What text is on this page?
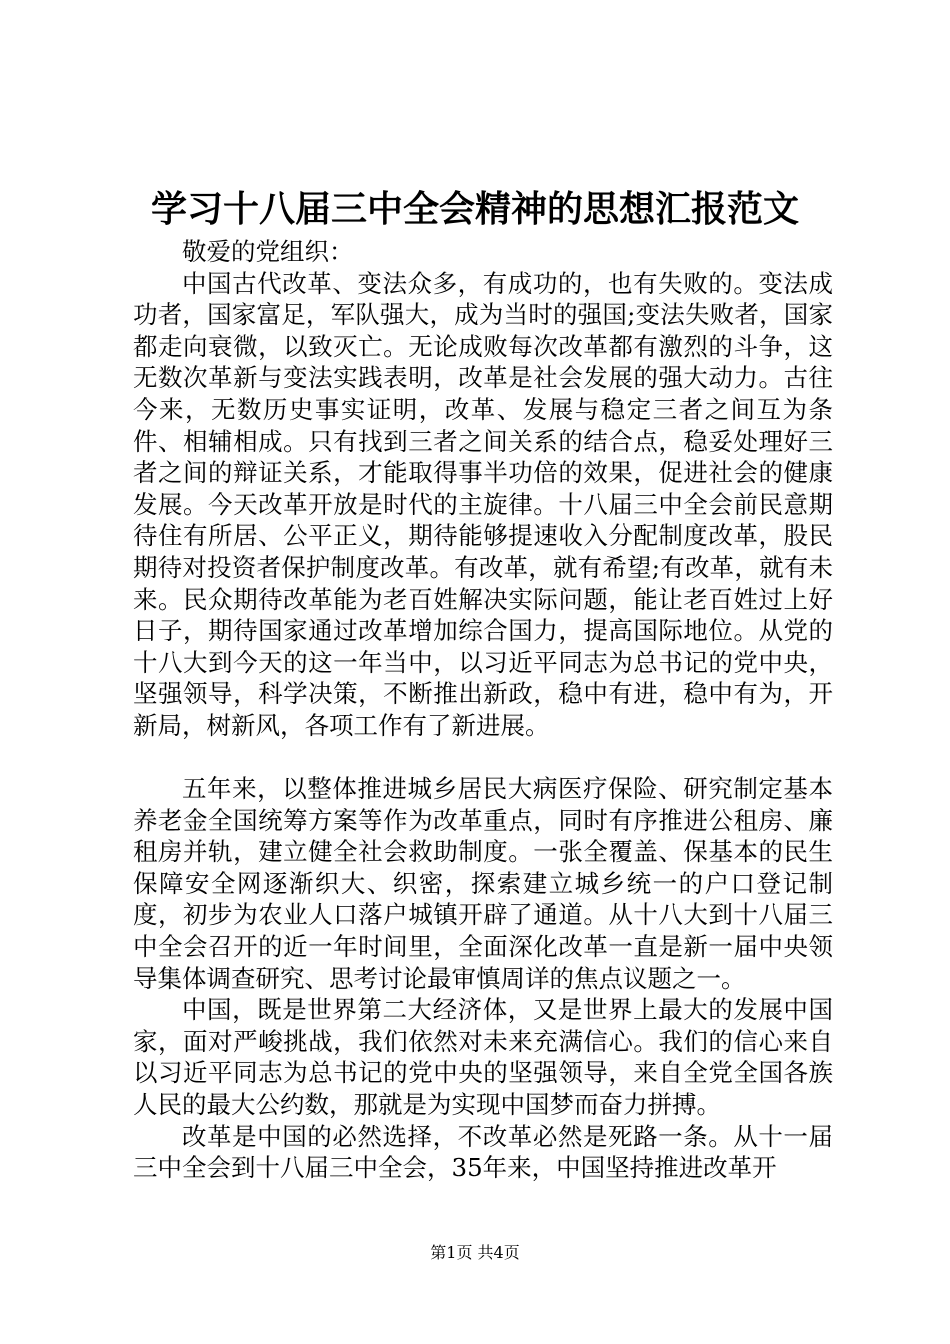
学习十八届三中全会精神的思想汇报范文

敬爱的党组织：

中国古代改革、变法众多，有成功的，也有失败的。变法成功者，国家富足，军队强大，成为当时的强国;变法失败者，国家都走向衰微，以致灭亡。无论成败每次改革都有激烈的斗争，这无数次革新与变法实践表明，改革是社会发展的强大动力。古往今来，无数历史事实证明，改革、发展与稳定三者之间互为条件、相辅相成。只有找到三者之间关系的结合点，稳妥处理好三者之间的辩证关系，才能取得事半功倍的效果，促进社会的健康发展。今天改革开放是时代的主旋律。十八届三中全会前民意期待住有所居、公平正义，期待能够提速收入分配制度改革，股民期待对投资者保护制度改革。有改革，就有希望;有改革，就有未来。民众期待改革能为老百姓解决实际问题，能让老百姓过上好日子，期待国家通过改革增加综合国力，提高国际地位。从党的十八大到今天的这一年当中，以习近平同志为总书记的党中央，坚强领导，科学决策，不断推出新政，稳中有进，稳中有为，开新局，树新风，各项工作有了新进展。

五年来，以整体推进城乡居民大病医疗保险、研究制定基本养老金全国统筹方案等作为改革重点，同时有序推进公租房、廉租房并轨，建立健全社会救助制度。一张全覆盖、保基本的民生保障安全网逐渐织大、织密，探索建立城乡统一的户口登记制度，初步为农业人口落户城镇开辟了通道。从十八大到十八届三中全会召开的近一年时间里，全面深化改革一直是新一届中央领导集体调查研究、思考讨论最审慎周详的焦点议题之一。

中国，既是世界第二大经济体，又是世界上最大的发展中国家，面对严峻挑战，我们依然对未来充满信心。我们的信心来自以习近平同志为总书记的党中央的坚强领导，来自全党全国各族人民的最大公约数，那就是为实现中国梦而奋力拼搏。

改革是中国的必然选择，不改革必然是死路一条。从十一届三中全会到十八届三中全会，35年来，中国坚持推进改革开

第1页 共4页
